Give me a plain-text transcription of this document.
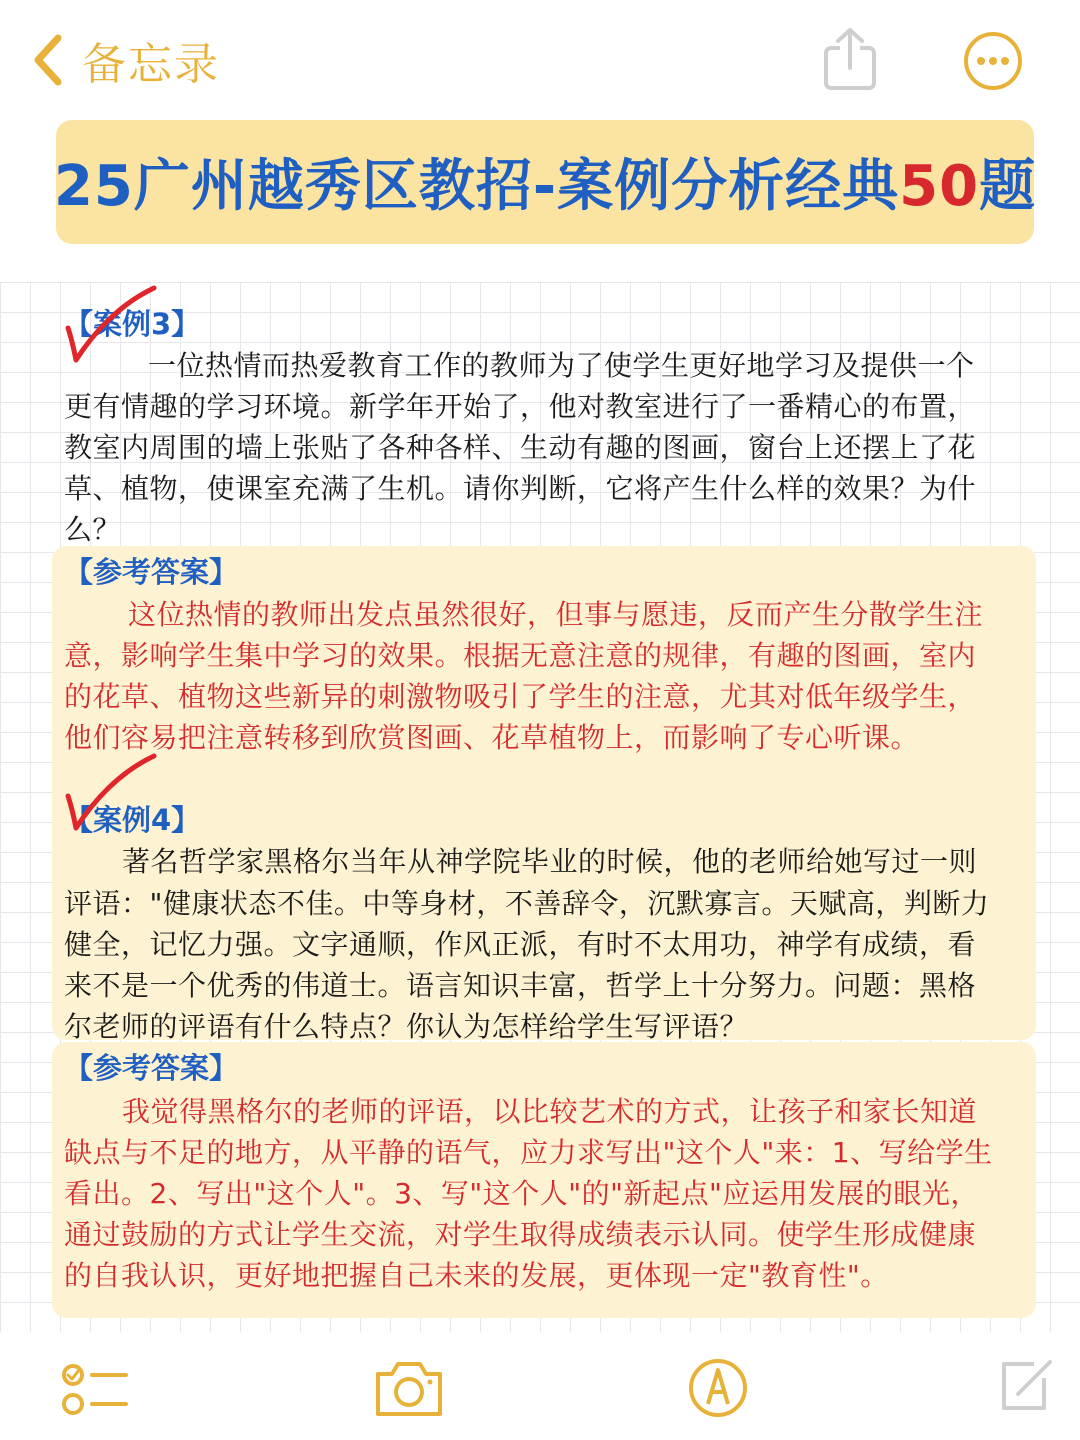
备忘录
25广州越秀区教招-案例分析经典50题
【案例3】
一位热情而热爱教育工作的教师为了使学生更好地学习及提供一个
更有情趣的学习环境。新学年开始了，他对教室进行了一番精心的布置，
教室内周围的墙上张贴了各种各样、生动有趣的图画，窗台上还摆上了花
草、植物，使课室充满了生机。请你判断，它将产生什么样的效果？为什
么？
【参考答案】
这位热情的教师出发点虽然很好，但事与愿违，反而产生分散学生注
意，影响学生集中学习的效果。根据无意注意的规律，有趣的图画，室内
的花草、植物这些新异的刺激物吸引了学生的注意，尤其对低年级学生，
他们容易把注意转移到欣赏图画、花草植物上，而影响了专心听课。
【案例4】
著名哲学家黑格尔当年从神学院毕业的时候，他的老师给她写过一则
评语："健康状态不佳。中等身材，不善辞令，沉默寡言。天赋高，判断力
健全，记忆力强。文字通顺，作风正派，有时不太用功，神学有成绩，看
来不是一个优秀的伟道士。语言知识丰富，哲学上十分努力。问题：黑格
尔老师的评语有什么特点？你认为怎样给学生写评语？
【参考答案】
我觉得黑格尔的老师的评语，以比较艺术的方式，让孩子和家长知道
缺点与不足的地方，从平静的语气，应力求写出"这个人"来：1、写给学生
看出。2、写出"这个人"。3、写"这个人"的"新起点"应运用发展的眼光，
通过鼓励的方式让学生交流，对学生取得成绩表示认同。使学生形成健康
的自我认识，更好地把握自己未来的发展，更体现一定"教育性"。
